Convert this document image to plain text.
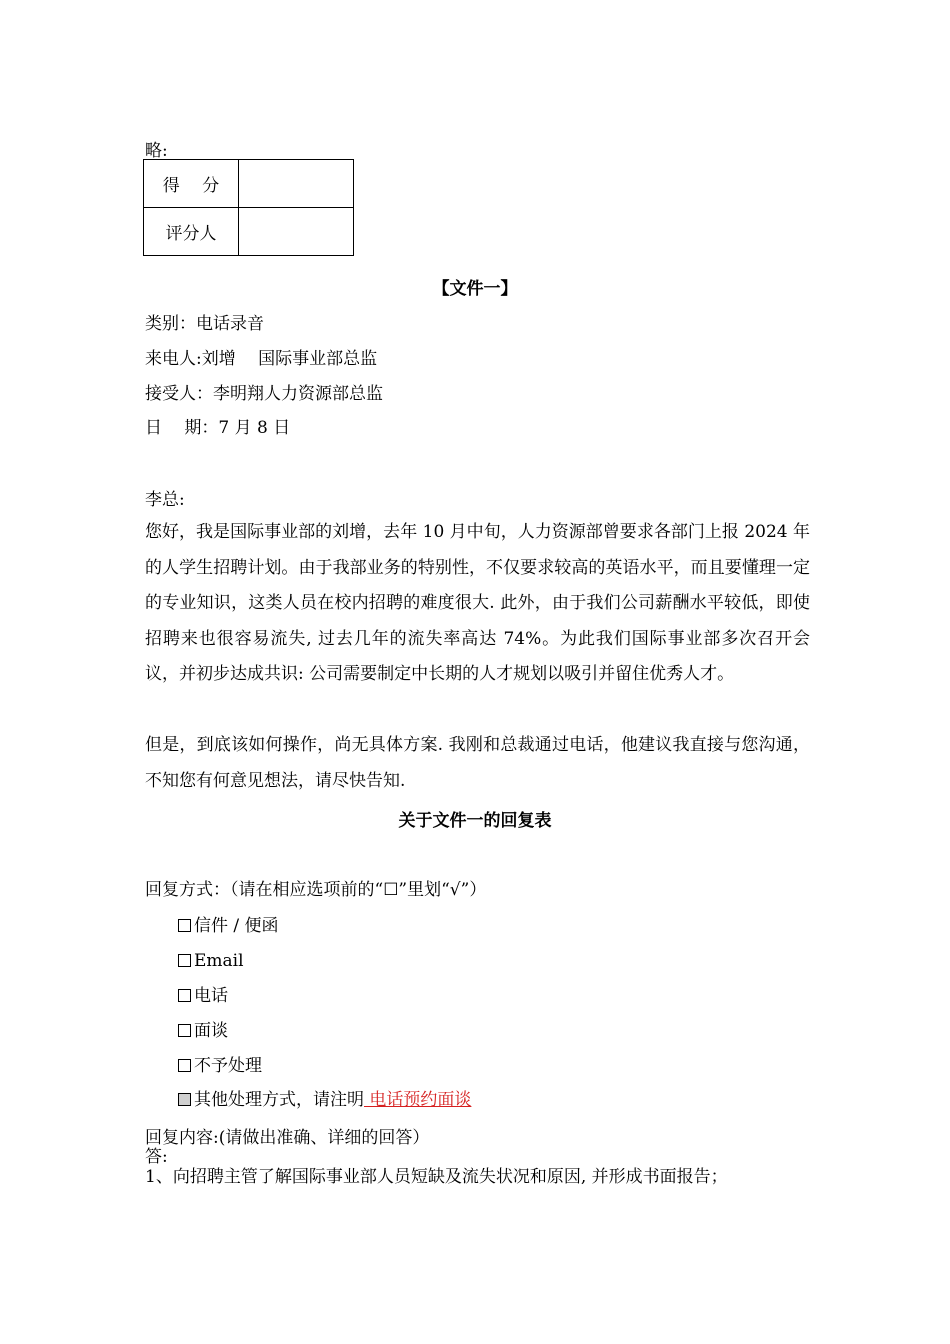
略:
得　 分	
评分人	
【文件一】
类别：电话录音
来电人:刘增　 国际事业部总监
接受人：李明翔人力资源部总监
日　 期：7 月 8 日
李总:
您好，我是国际事业部的刘增，去年 10 月中旬，人力资源部曾要求各部门上报 2024 年的人学生招聘计划。由于我部业务的特别性，不仅要求较高的英语水平，而且要懂理一定的专业知识，这类人员在校内招聘的难度很大. 此外，由于我们公司薪酬水平较低，即使招聘来也很容易流失, 过去几年的流失率高达 74%。为此我们国际事业部多次召开会议，并初步达成共识: 公司需要制定中长期的人才规划以吸引并留住优秀人才。
但是，到底该如何操作，尚无具体方案. 我刚和总裁通过电话，他建议我直接与您沟通，不知您有何意见想法，请尽快告知.
关于文件一的回复表
回复方式：（请在相应选项前的“☐”里划“√”）
信件 / 便函
Email
电话
面谈
不予处理
其他处理方式，请注明 电话预约面谈
回复内容:(请做出准确、详细的回答）
答:
1、向招聘主管了解国际事业部人员短缺及流失状况和原因, 并形成书面报告；
